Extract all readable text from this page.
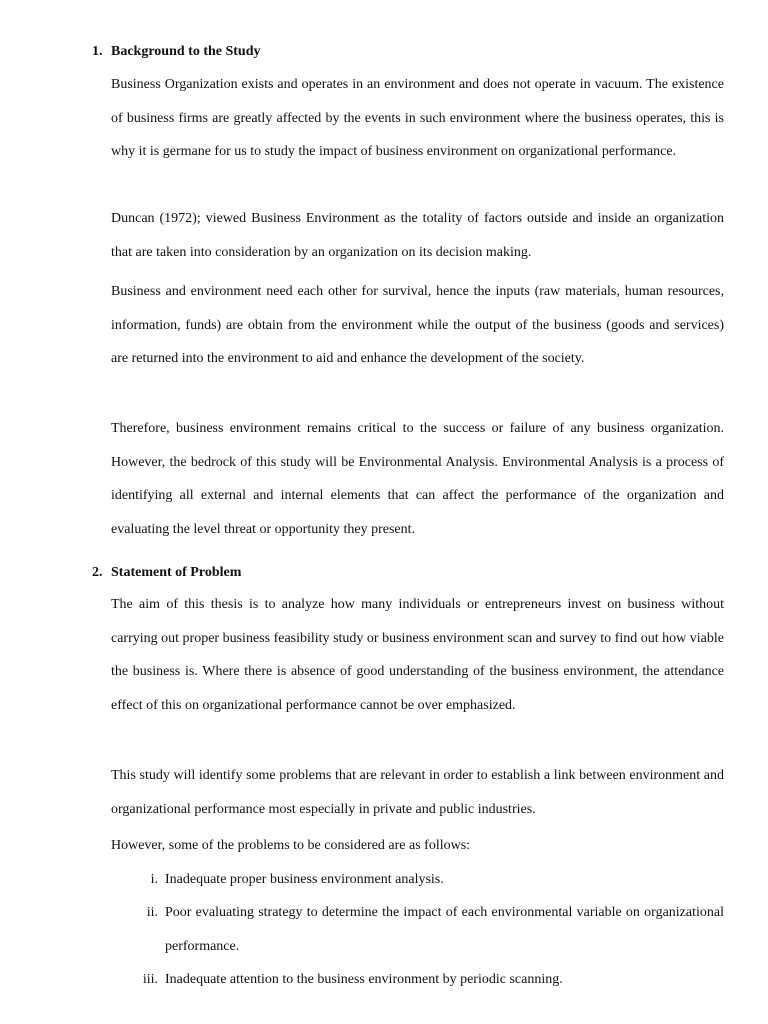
1. Background to the Study

Business Organization exists and operates in an environment and does not operate in vacuum. The existence of business firms are greatly affected by the events in such environment where the business operates, this is why it is germane for us to study the impact of business environment on organizational performance.

Duncan (1972); viewed Business Environment as the totality of factors outside and inside an organization that are taken into consideration by an organization on its decision making.

Business and environment need each other for survival, hence the inputs (raw materials, human resources, information, funds) are obtain from the environment while the output of the business (goods and services) are returned into the environment to aid and enhance the development of the society.

Therefore, business environment remains critical to the success or failure of any business organization. However, the bedrock of this study will be Environmental Analysis. Environmental Analysis is a process of identifying all external and internal elements that can affect the performance of the organization and evaluating the level threat or opportunity they present.

2. Statement of Problem

The aim of this thesis is to analyze how many individuals or entrepreneurs invest on business without carrying out proper business feasibility study or business environment scan and survey to find out how viable the business is. Where there is absence of good understanding of the business environment, the attendance effect of this on organizational performance cannot be over emphasized.

This study will identify some problems that are relevant in order to establish a link between environment and organizational performance most especially in private and public industries.

However, some of the problems to be considered are as follows:

i. Inadequate proper business environment analysis.
ii. Poor evaluating strategy to determine the impact of each environmental variable on organizational performance.
iii. Inadequate attention to the business environment by periodic scanning.
